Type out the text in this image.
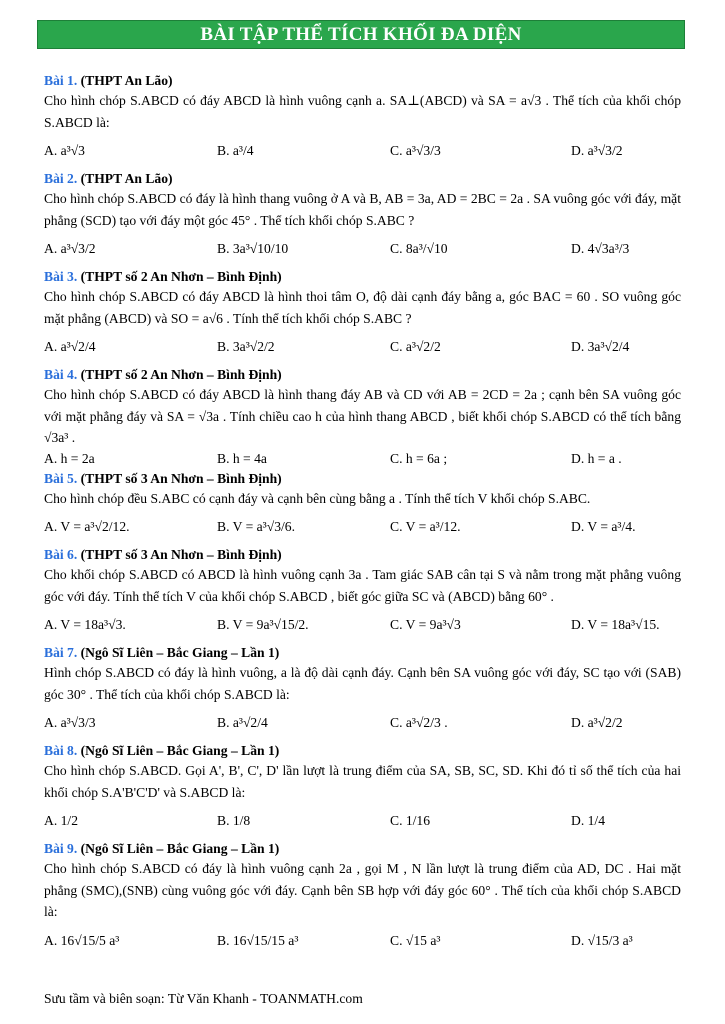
BÀI TẬP THỂ TÍCH KHỐI ĐA DIỆN
Bài 1. (THPT An Lão)
Cho hình chóp S.ABCD có đáy ABCD là hình vuông cạnh a. SA⊥(ABCD) và SA = a√3 . Thể tích của khối chóp S.ABCD là:
A. a³√3	B. a³/4	C. a³√3/3	D. a³√3/2
Bài 2. (THPT An Lão)
Cho hình chóp S.ABCD có đáy là hình thang vuông ở A và B, AB = 3a, AD = 2BC = 2a . SA vuông góc với đáy, mặt phẳng (SCD) tạo với đáy một góc 45° . Thể tích khối chóp S.ABC ?
A. a³√3/2	B. 3a³√10/10	C. 8a³/√10	D. 4√3a³/3
Bài 3. (THPT số 2 An Nhơn – Bình Định)
Cho hình chóp S.ABCD có đáy ABCD là hình thoi tâm O, độ dài cạnh đáy bằng a, góc BAC = 60 . SO vuông góc mặt phẳng (ABCD) và SO = a√6 . Tính thể tích khối chóp S.ABC ?
A. a³√2/4	B. 3a³√2/2	C. a³√2/2	D. 3a³√2/4
Bài 4. (THPT số 2 An Nhơn – Bình Định)
Cho hình chóp S.ABCD có đáy ABCD là hình thang đáy AB và CD với AB = 2CD = 2a ; cạnh bên SA vuông góc với mặt phẳng đáy và SA = √3a . Tính chiều cao h của hình thang ABCD , biết khối chóp S.ABCD có thể tích bằng √3a³ .
A. h = 2a	B. h = 4a	C. h = 6a ;	D. h = a .
Bài 5. (THPT số 3 An Nhơn – Bình Định)
Cho hình chóp đều S.ABC có cạnh đáy và cạnh bên cùng bằng a . Tính thể tích V khối chóp S.ABC.
A. V = a³√2/12.	B. V = a³√3/6.	C. V = a³/12.	D. V = a³/4.
Bài 6. (THPT số 3 An Nhơn – Bình Định)
Cho khối chóp S.ABCD có ABCD là hình vuông cạnh 3a . Tam giác SAB cân tại S và nằm trong mặt phẳng vuông góc với đáy. Tính thể tích V của khối chóp S.ABCD , biết góc giữa SC và (ABCD) bằng 60° .
A. V = 18a³√3.	B. V = 9a³√15/2.	C. V = 9a³√3	D. V = 18a³√15.
Bài 7. (Ngô Sĩ Liên – Bắc Giang – Lần 1)
Hình chóp S.ABCD có đáy là hình vuông, a là độ dài cạnh đáy. Cạnh bên SA vuông góc với đáy, SC tạo với (SAB) góc 30° . Thể tích của khối chóp S.ABCD là:
A. a³√3/3	B. a³√2/4	C. a³√2/3 .	D. a³√2/2
Bài 8. (Ngô Sĩ Liên – Bắc Giang – Lần 1)
Cho hình chóp S.ABCD. Gọi A', B', C', D' lần lượt là trung điểm của SA, SB, SC, SD. Khi đó tỉ số thể tích của hai khối chóp S.A'B'C'D' và S.ABCD là:
A. 1/2	B. 1/8	C. 1/16	D. 1/4
Bài 9. (Ngô Sĩ Liên – Bắc Giang – Lần 1)
Cho hình chóp S.ABCD có đáy là hình vuông cạnh 2a , gọi M , N lần lượt là trung điểm của AD, DC . Hai mặt phẳng (SMC),(SNB) cùng vuông góc với đáy. Cạnh bên SB hợp với đáy góc 60° . Thể tích của khối chóp S.ABCD là:
A. 16√15/5 a³	B. 16√15/15 a³	C. √15 a³	D. √15/3 a³
Sưu tầm và biên soạn: Từ Văn Khanh - TOANMATH.com
